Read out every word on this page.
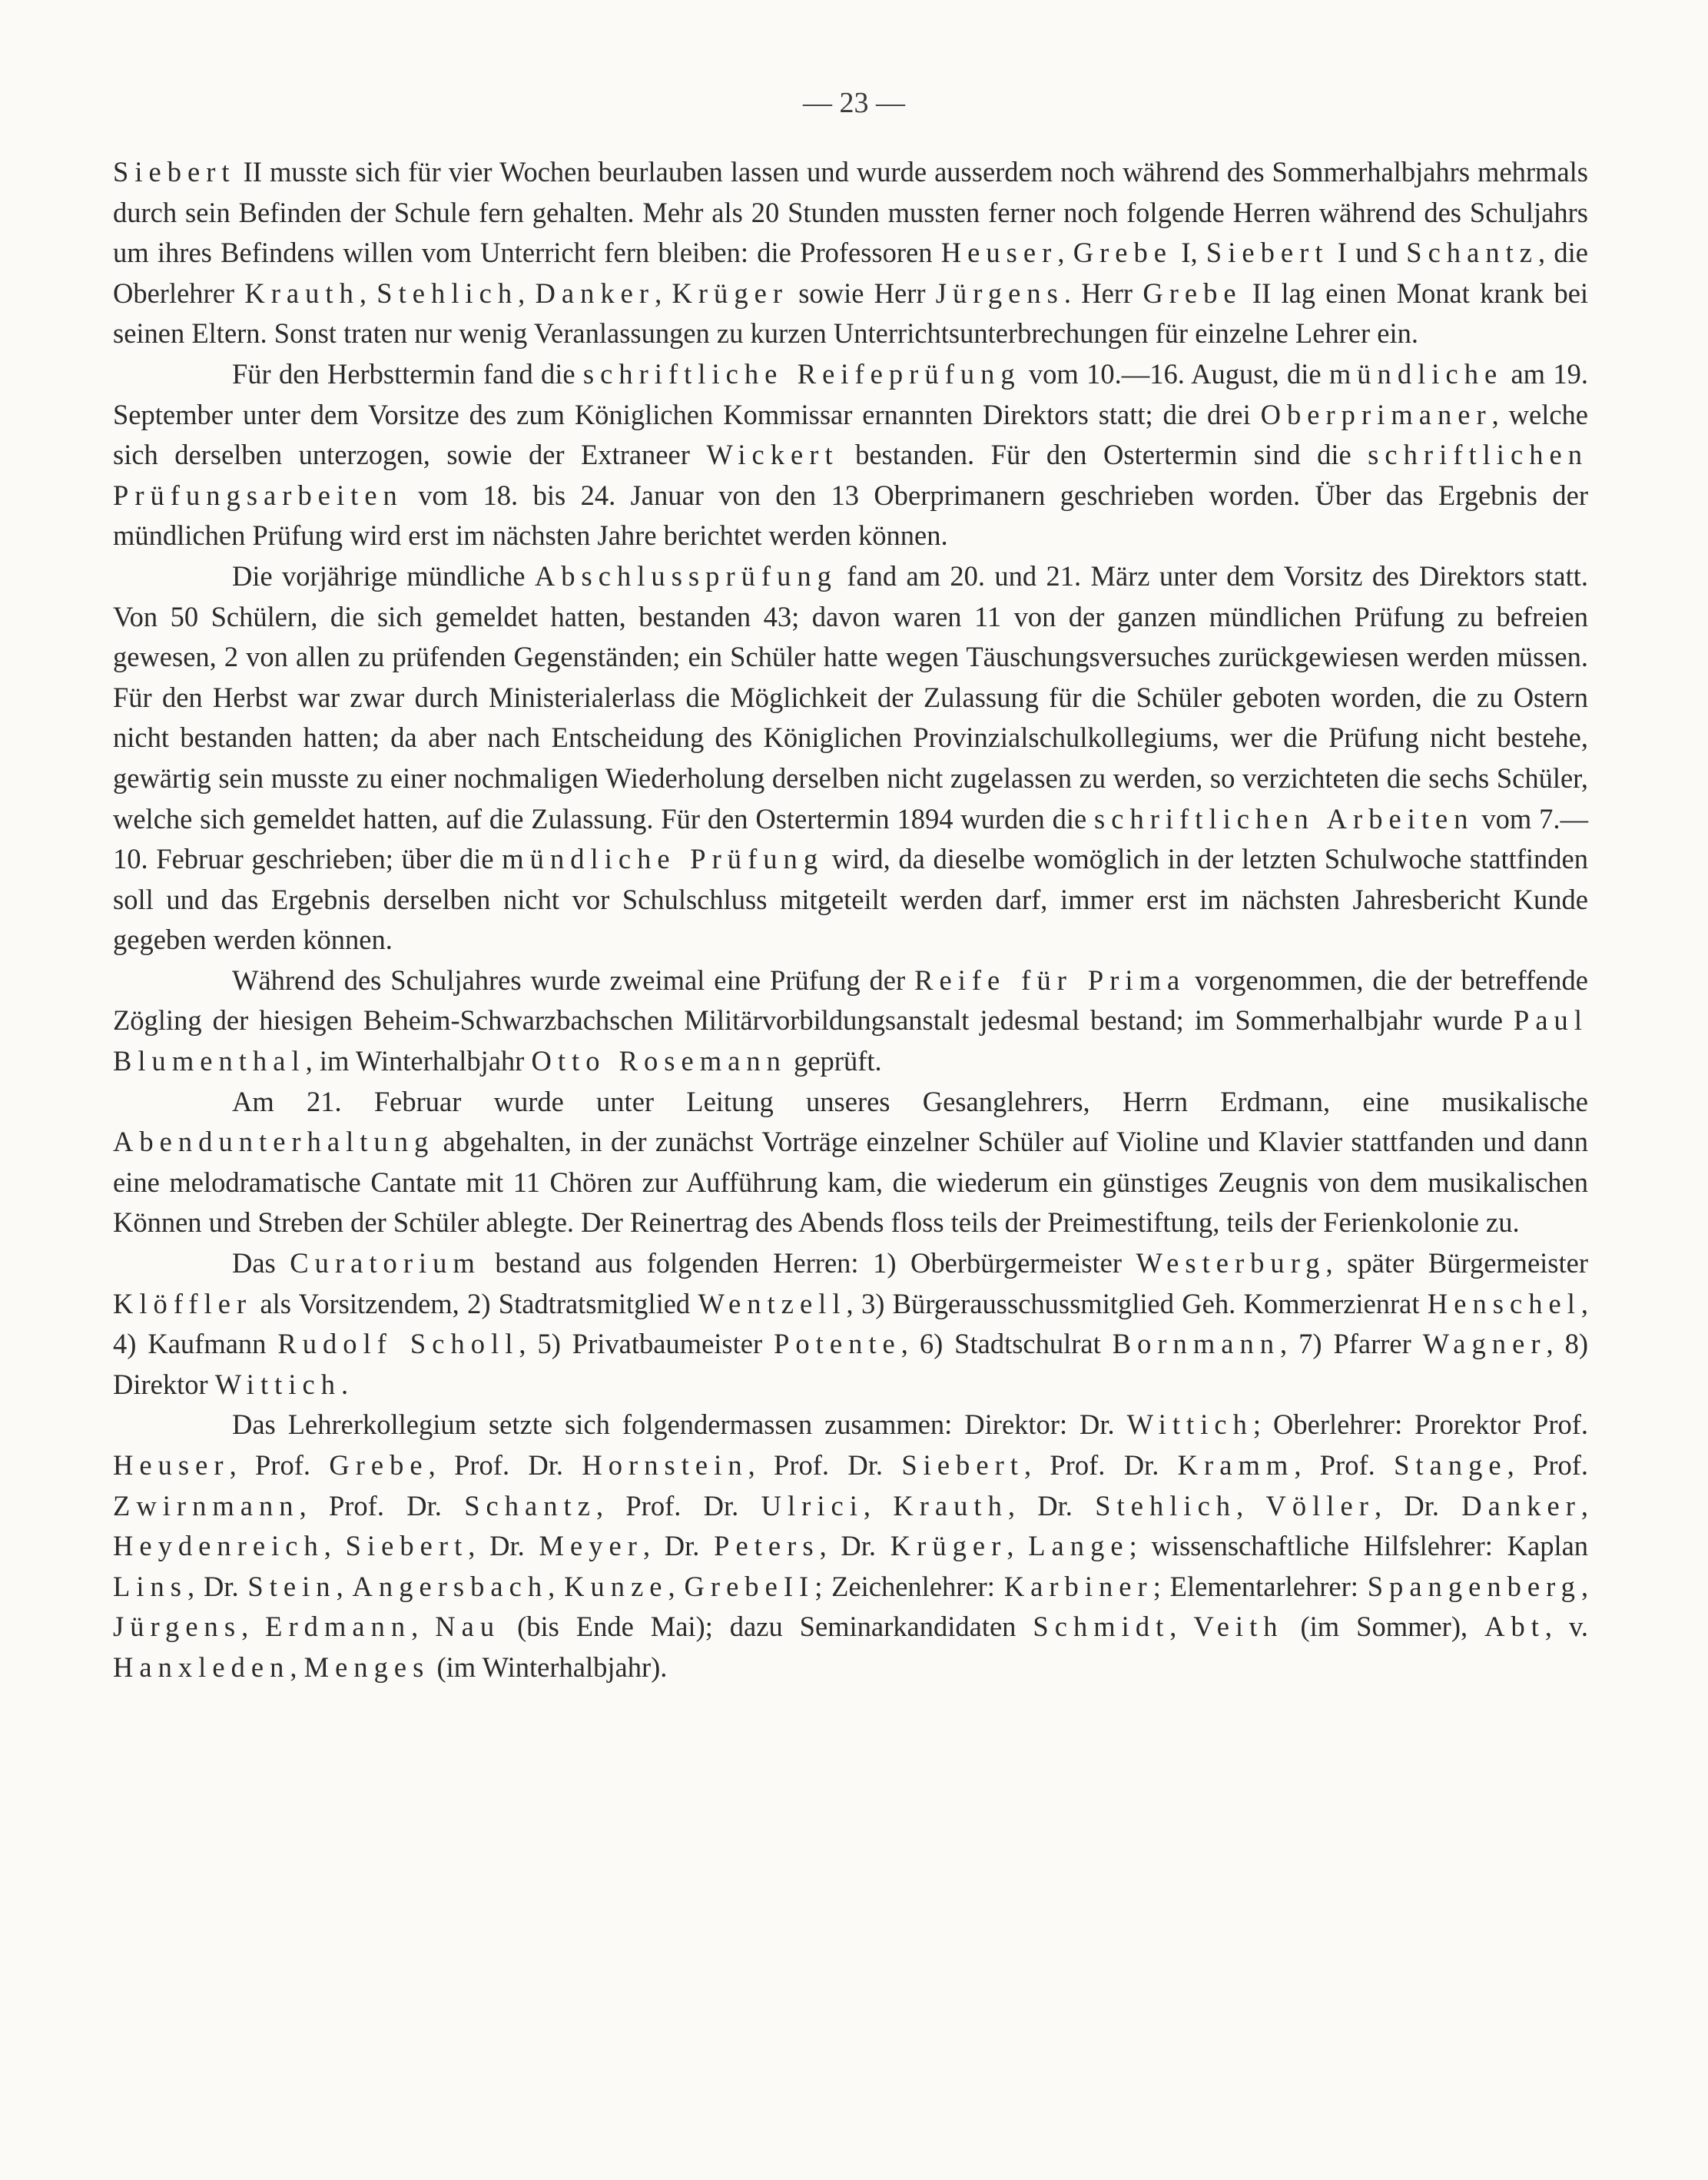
— 23 —

Siebert II musste sich für vier Wochen beurlauben lassen und wurde ausserdem noch während des Sommerhalbjahrs mehrmals durch sein Befinden der Schule fern gehalten. Mehr als 20 Stunden mussten ferner noch folgende Herren während des Schuljahrs um ihres Befindens willen vom Unterricht fern bleiben: die Professoren Heuser, Grebe I, Siebert I und Schantz, die Oberlehrer Krauth, Stehlich, Danker, Krüger sowie Herr Jürgens. Herr Grebe II lag einen Monat krank bei seinen Eltern. Sonst traten nur wenig Veranlassungen zu kurzen Unterrichtsunterbrechungen für einzelne Lehrer ein.

Für den Herbsttermin fand die schriftliche Reifeprüfung vom 10.—16. August, die mündliche am 19. September unter dem Vorsitze des zum Königlichen Kommissar ernannten Direktors statt; die drei Oberprimaner, welche sich derselben unterzogen, sowie der Extraneer Wickert bestanden. Für den Ostertermin sind die schriftlichen Prüfungsarbeiten vom 18. bis 24. Januar von den 13 Oberprimanern geschrieben worden. Über das Ergebnis der mündlichen Prüfung wird erst im nächsten Jahre berichtet werden können.

Die vorjährige mündliche Abschlussprüfung fand am 20. und 21. März unter dem Vorsitz des Direktors statt. Von 50 Schülern, die sich gemeldet hatten, bestanden 43; davon waren 11 von der ganzen mündlichen Prüfung zu befreien gewesen, 2 von allen zu prüfenden Gegenständen; ein Schüler hatte wegen Täuschungsversuches zurückgewiesen werden müssen. Für den Herbst war zwar durch Ministerialerlass die Möglichkeit der Zulassung für die Schüler geboten worden, die zu Ostern nicht bestanden hatten; da aber nach Entscheidung des Königlichen Provinzialschulkollegiums, wer die Prüfung nicht bestehe, gewärtig sein musste zu einer nochmaligen Wiederholung derselben nicht zugelassen zu werden, so verzichteten die sechs Schüler, welche sich gemeldet hatten, auf die Zulassung. Für den Ostertermin 1894 wurden die schriftlichen Arbeiten vom 7.—10. Februar geschrieben; über die mündliche Prüfung wird, da dieselbe womöglich in der letzten Schulwoche stattfinden soll und das Ergebnis derselben nicht vor Schulschluss mitgeteilt werden darf, immer erst im nächsten Jahresbericht Kunde gegeben werden können.

Während des Schuljahres wurde zweimal eine Prüfung der Reife für Prima vorgenommen, die der betreffende Zögling der hiesigen Beheim-Schwarzbachschen Militärvorbildungsanstalt jedesmal bestand; im Sommerhalbjahr wurde Paul Blumenthal, im Winterhalbjahr Otto Rosemann geprüft.

Am 21. Februar wurde unter Leitung unseres Gesanglehrers, Herrn Erdmann, eine musikalische Abendunterhaltung abgehalten, in der zunächst Vorträge einzelner Schüler auf Violine und Klavier stattfanden und dann eine melodramatische Cantate mit 11 Chören zur Aufführung kam, die wiederum ein günstiges Zeugnis von dem musikalischen Können und Streben der Schüler ablegte. Der Reinertrag des Abends floss teils der Preimestiftung, teils der Ferienkolonie zu.

Das Curatorium bestand aus folgenden Herren: 1) Oberbürgermeister Westerburg, später Bürgermeister Klöffler als Vorsitzendem, 2) Stadtratsmitglied Wentzell, 3) Bürgerausschussmitglied Geh. Kommerzienrat Henschel, 4) Kaufmann Rudolf Scholl, 5) Privatbaumeister Potente, 6) Stadtschulrat Bornmann, 7) Pfarrer Wagner, 8) Direktor Wittich.

Das Lehrerkollegium setzte sich folgendermassen zusammen: Direktor: Dr. Wittich; Oberlehrer: Prorektor Prof. Heuser, Prof. Grebe, Prof. Dr. Hornstein, Prof. Dr. Siebert, Prof. Dr. Kramm, Prof. Stange, Prof. Zwirnmann, Prof. Dr. Schantz, Prof. Dr. Ulrici, Krauth, Dr. Stehlich, Völler, Dr. Danker, Heydenreich, Siebert, Dr. Meyer, Dr. Peters, Dr. Krüger, Lange; wissenschaftliche Hilfslehrer: Kaplan Lins, Dr. Stein, Angersbach, Kunze, GrebeII; Zeichenlehrer: Karbiner; Elementarlehrer: Spangenberg, Jürgens, Erdmann, Nau (bis Ende Mai); dazu Seminarkandidaten Schmidt, Veith (im Sommer), Abt, v. Hanxleden, Menges (im Winterhalbjahr).
